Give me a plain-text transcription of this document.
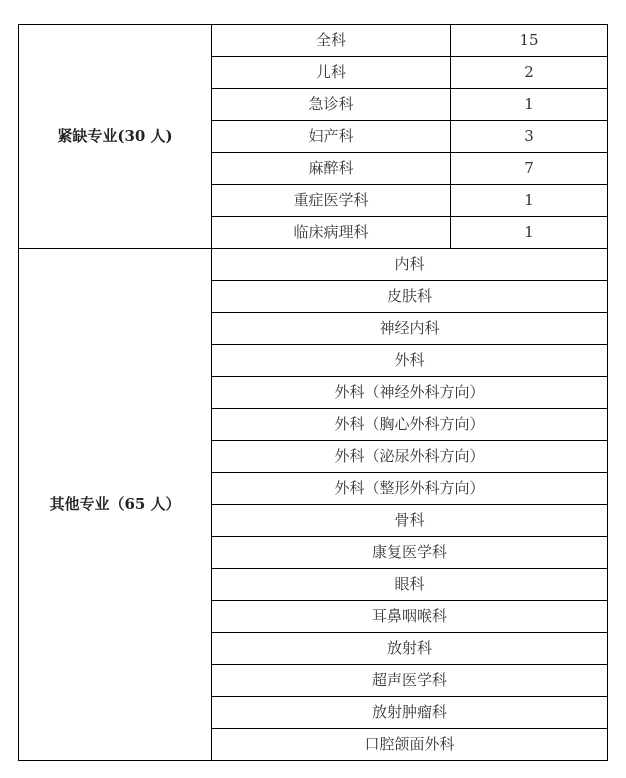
紧缺专业(30 人)	全科	15
	儿科	2
	急诊科	1
	妇产科	3
	麻醉科	7
	重症医学科	1
	临床病理科	1
其他专业（65 人）	内科	
	皮肤科	
	神经内科	
	外科	
	外科（神经外科方向）	
	外科（胸心外科方向）	
	外科（泌尿外科方向）	
	外科（整形外科方向）	
	骨科	
	康复医学科	
	眼科	
	耳鼻咽喉科	
	放射科	
	超声医学科	
	放射肿瘤科	
	口腔颌面外科	
